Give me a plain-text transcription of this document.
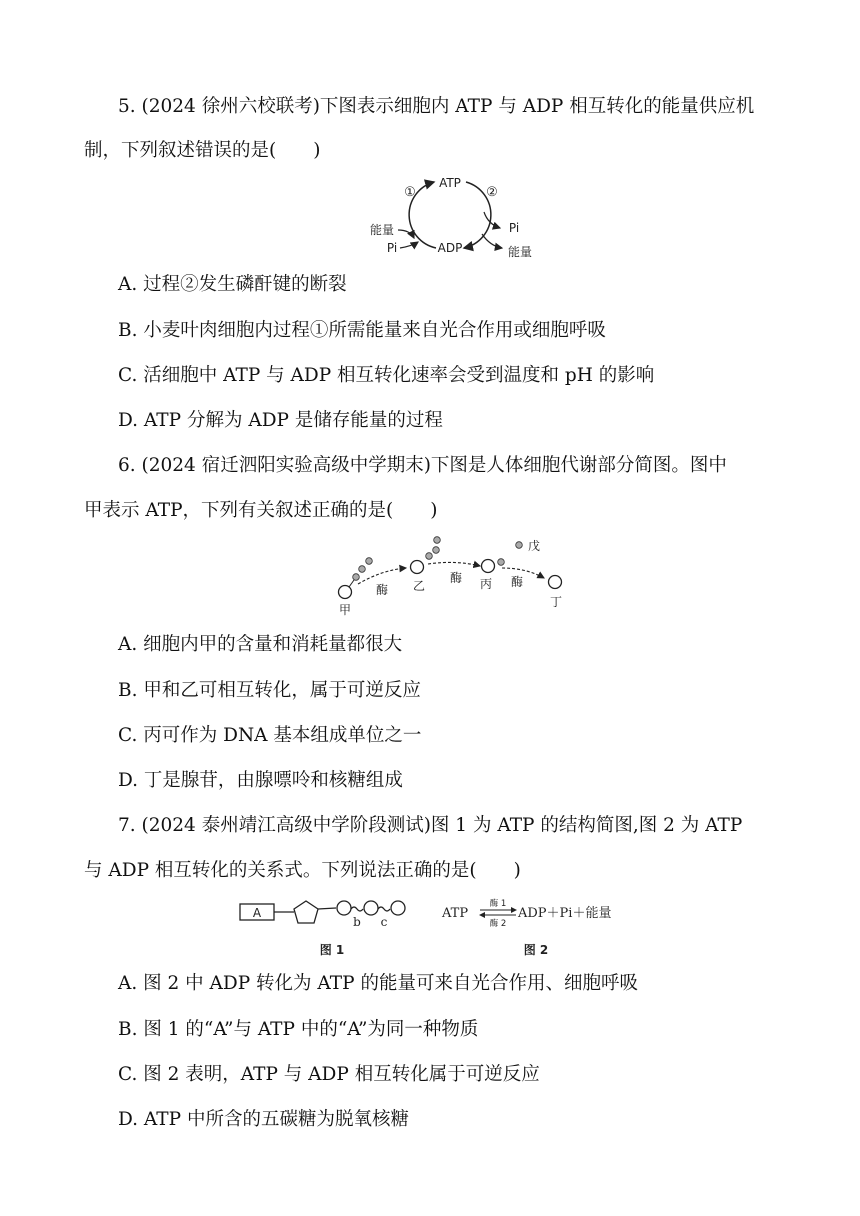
5. (2024 徐州六校联考)下图表示细胞内 ATP 与 ADP 相互转化的能量供应机
制，下列叙述错误的是(　　)
ATP
ADP
①	②
能量
Pi
Pi
能量
A. 过程②发生磷酐键的断裂
B. 小麦叶肉细胞内过程①所需能量来自光合作用或细胞呼吸
C. 活细胞中 ATP 与 ADP 相互转化速率会受到温度和 pH 的影响
D. ATP 分解为 ADP 是储存能量的过程
6. (2024 宿迁泗阳实验高级中学期末)下图是人体细胞代谢部分简图。图中
甲表示 ATP，下列有关叙述正确的是(　　)
甲
乙	丙
丁
戊
酶
酶	酶
A. 细胞内甲的含量和消耗量都很大
B. 甲和乙可相互转化，属于可逆反应
C. 丙可作为 DNA 基本组成单位之一
D. 丁是腺苷，由腺嘌呤和核糖组成
7. (2024 泰州靖江高级中学阶段测试)图 1 为 ATP 的结构简图,图 2 为 ATP
与 ADP 相互转化的关系式。下列说法正确的是(　　)
A
b c
图 1
ATP
酶 1
酶 2
ADP＋Pi＋能量
图 2
A. 图 2 中 ADP 转化为 ATP 的能量可来自光合作用、细胞呼吸
B. 图 1 的“A”与 ATP 中的“A”为同一种物质
C. 图 2 表明，ATP 与 ADP 相互转化属于可逆反应
D. ATP 中所含的五碳糖为脱氧核糖
